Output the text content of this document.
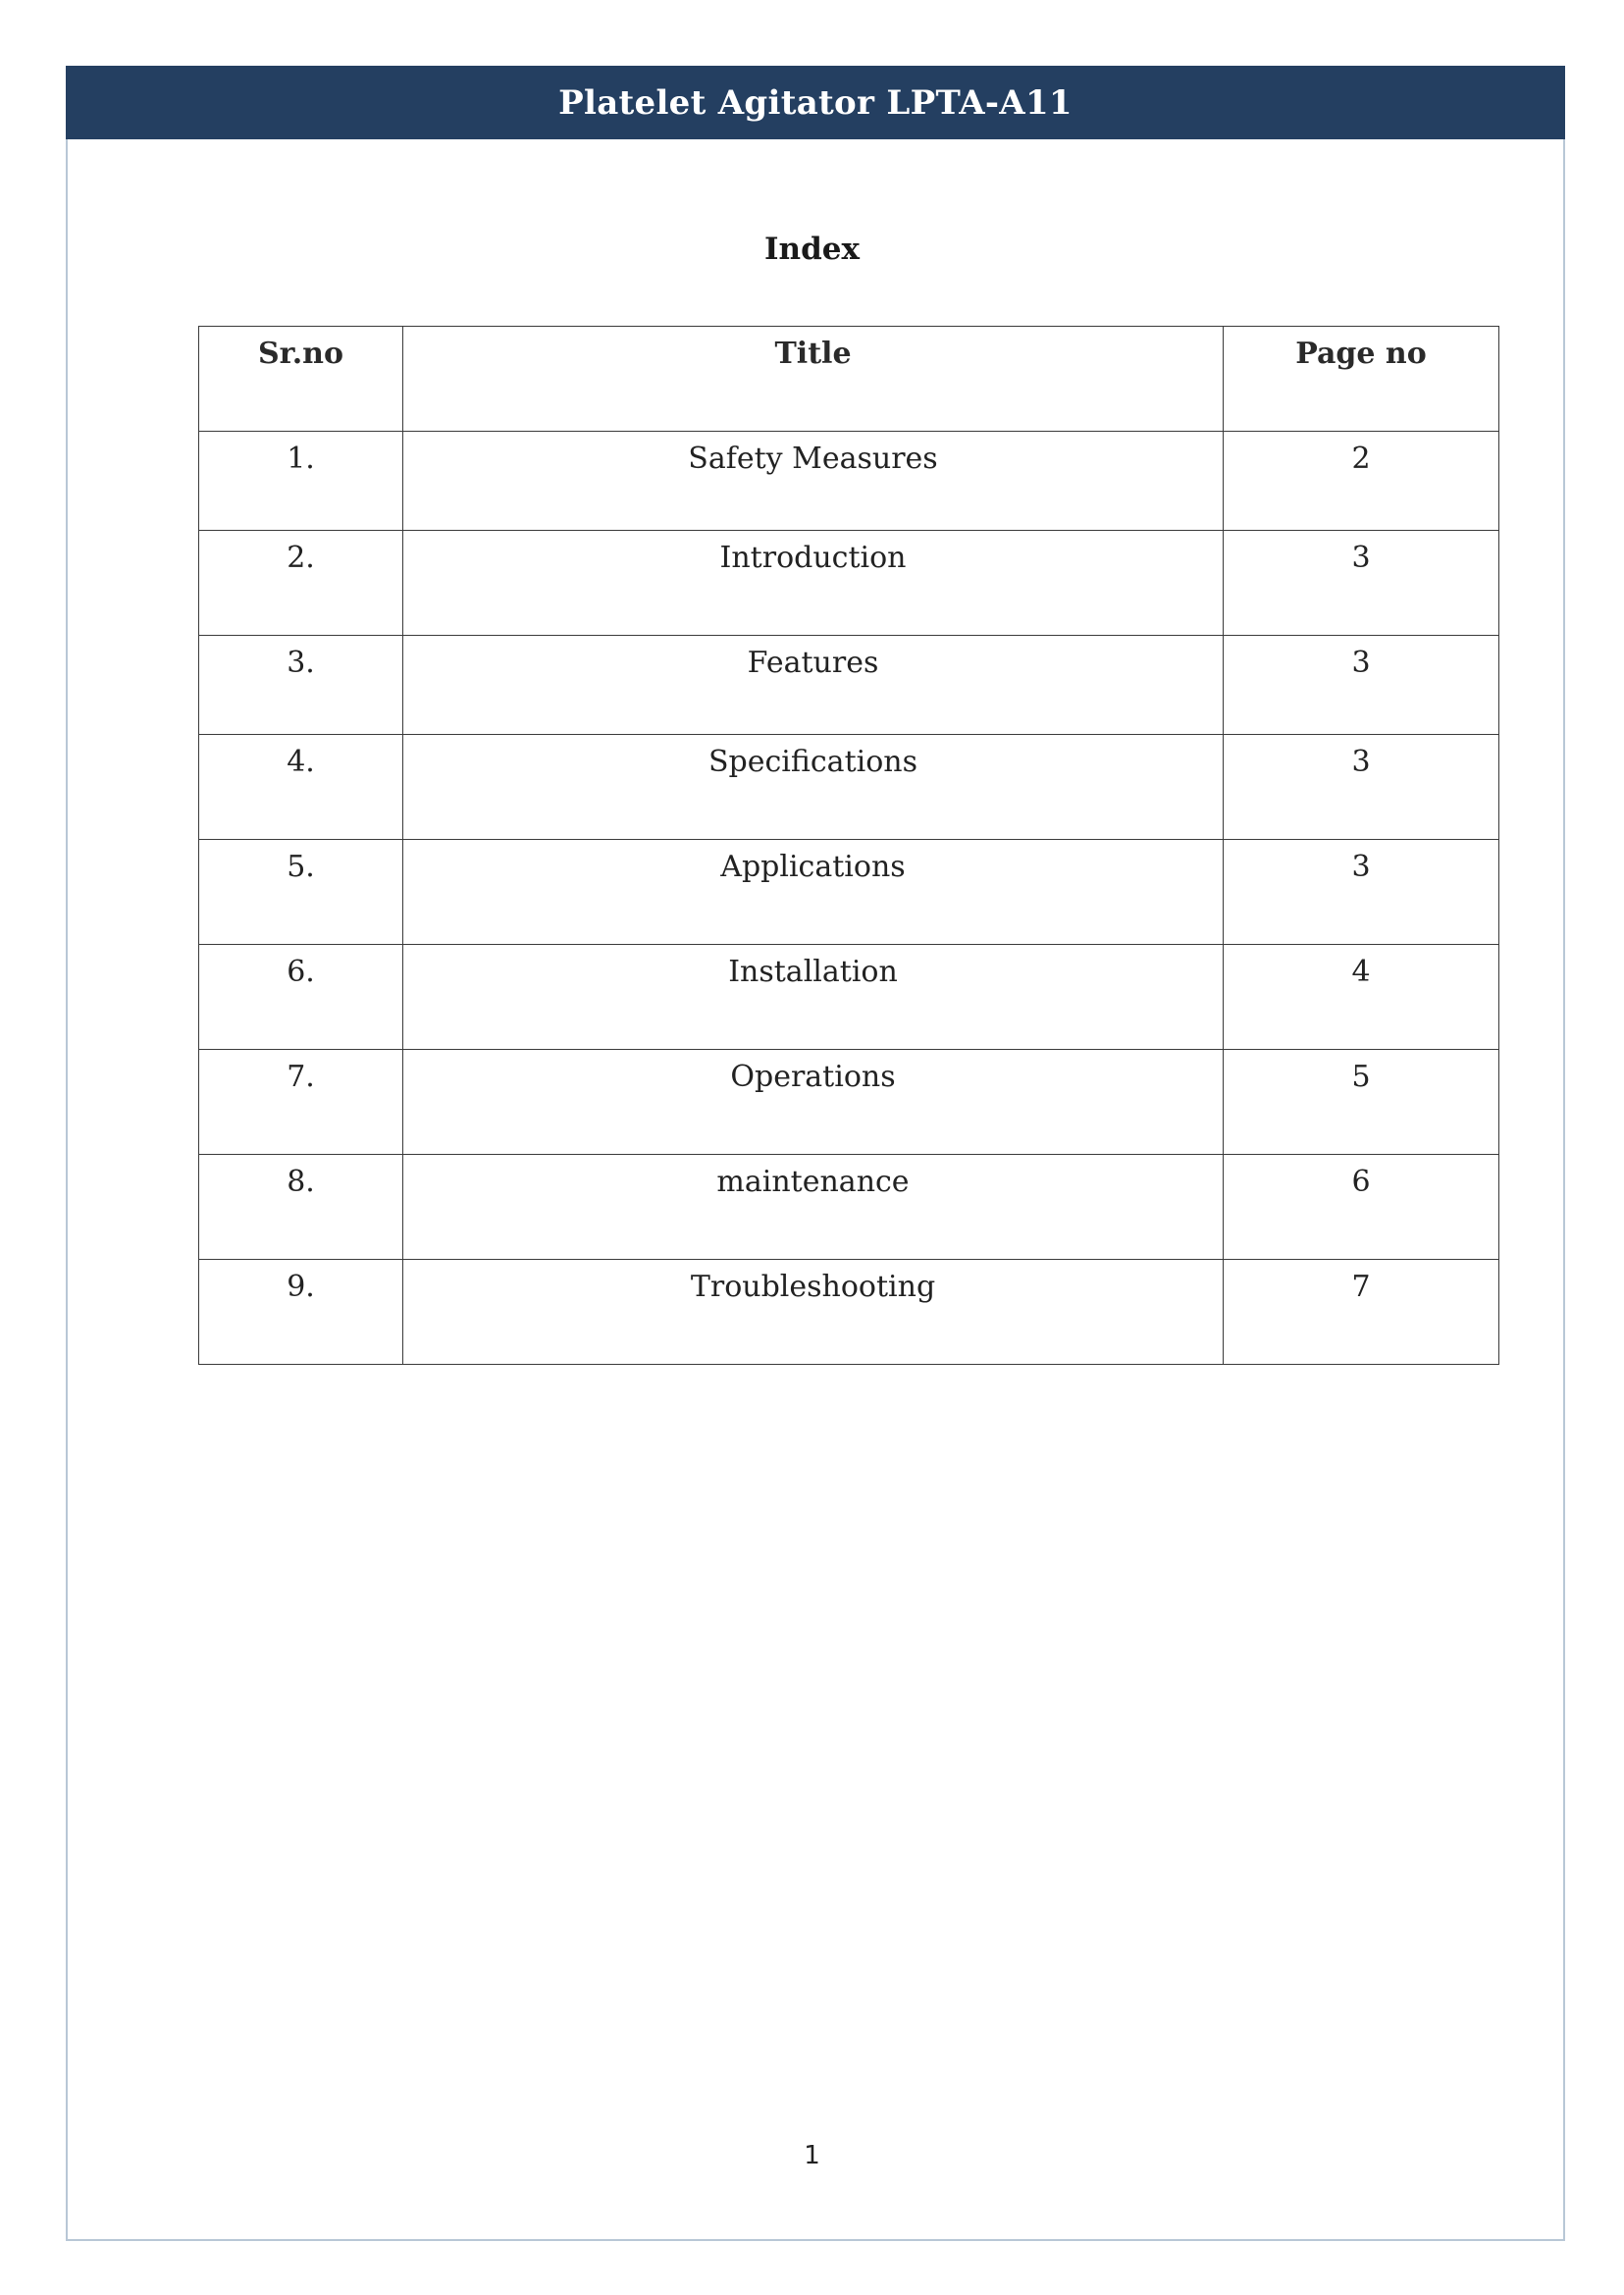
Platelet Agitator LPTA-A11
Index
Sr.no	Title	Page no
1.	Safety Measures	2
2.	Introduction	3
3.	Features	3
4.	Specifications	3
5.	Applications	3
6.	Installation	4
7.	Operations	5
8.	maintenance	6
9.	Troubleshooting	7
1
